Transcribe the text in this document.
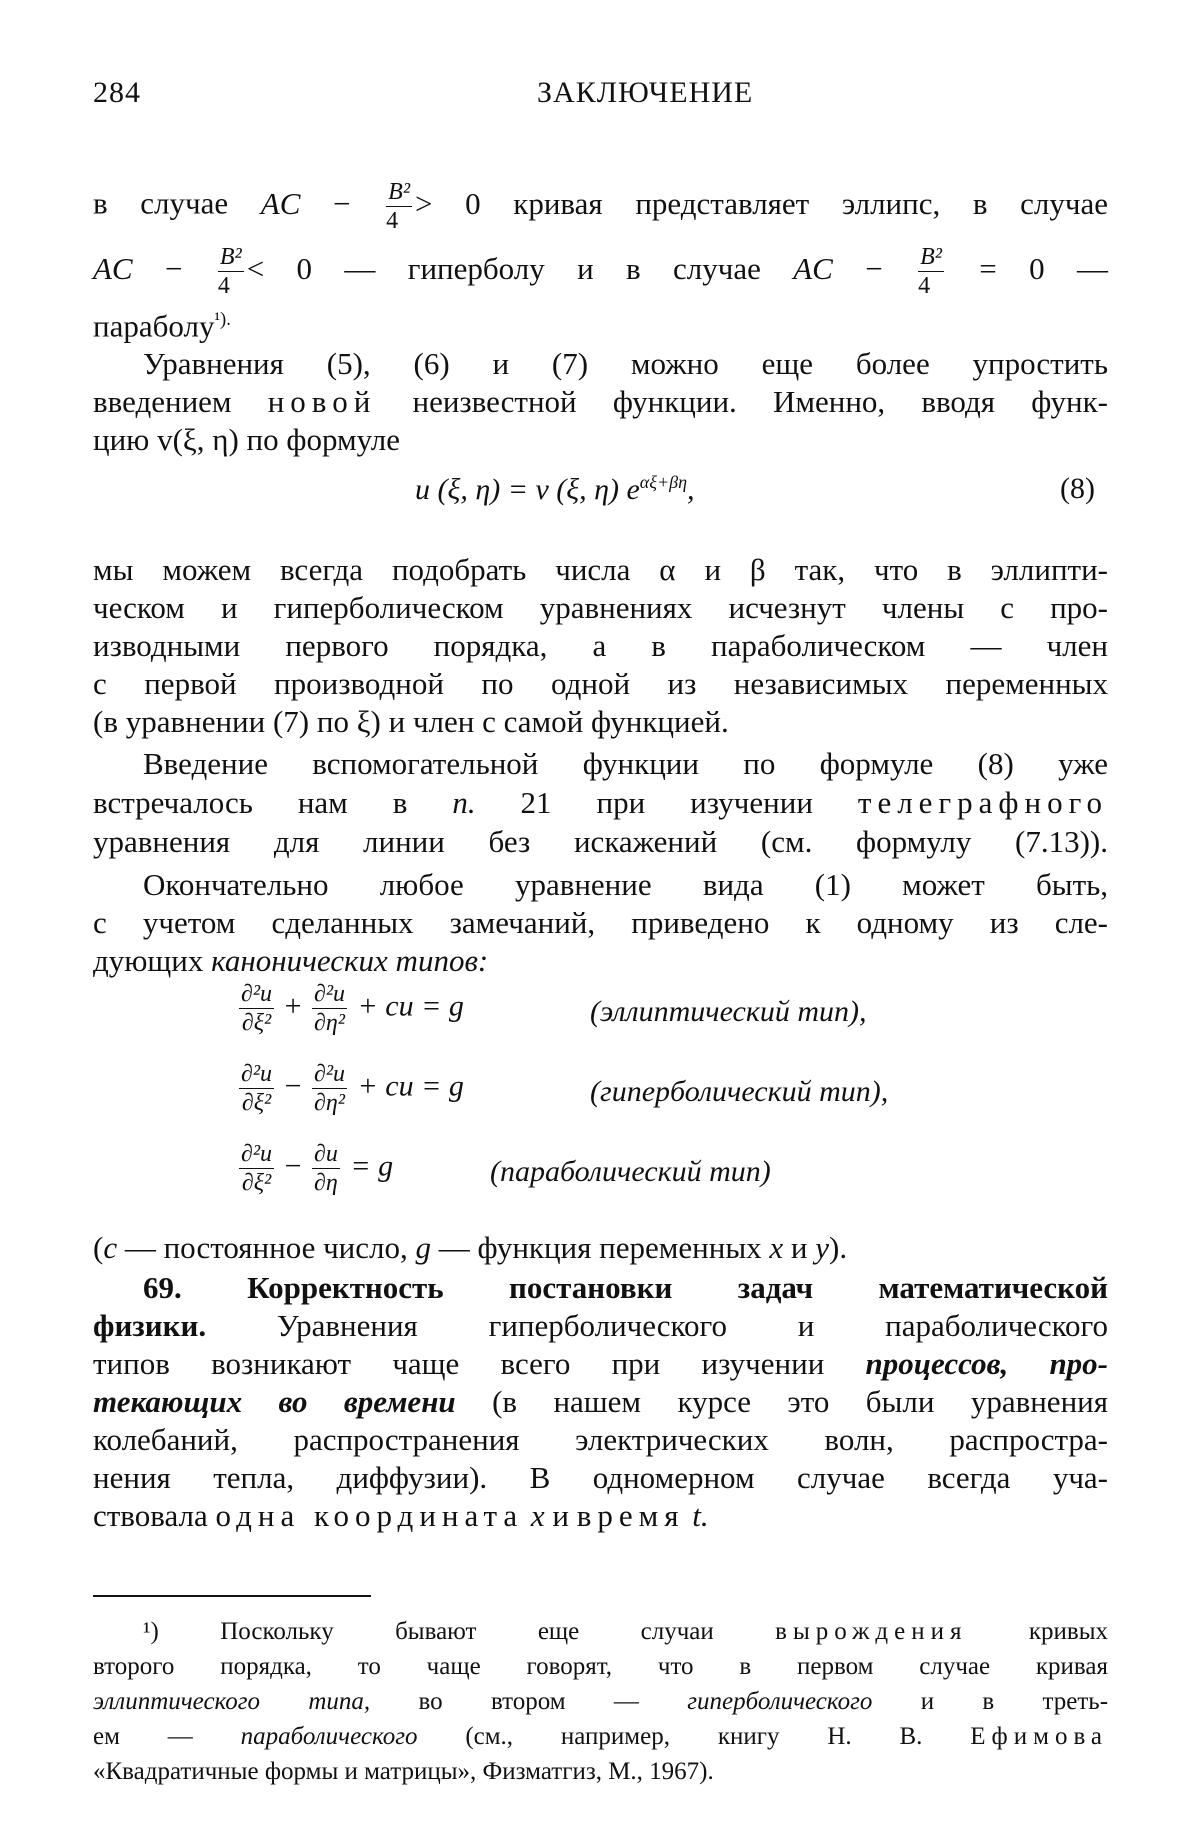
284	ЗАКЛЮЧЕНИЕ
в случае AC − $\frac{\text{B²}}{4} > 0$ кривая представляет эллипс, в случае
AC − $\frac{\text{B²}}{4} < 0$ — гиперболу и в случае AC − $\frac{\text{B²}}{4} = 0$ —
параболу$^{^1).}$
Уравнения (5), (6) и (7) можно еще более упростить
введением новой неизвестной функции. Именно, вводя функ-
цию v(ξ, η) по формуле
u (ξ, η) = v (ξ, η) $e^{\alpha\xi+\beta\eta}$,	(8)
мы можем всегда подобрать числа α и β так, что в эллипти-
ческом и гиперболическом уравнениях исчезнут члены с про-
изводными первого порядка, а в параболическом — член
с первой производной по одной из независимых переменных
(в уравнении (7) по ξ) и член с самой функцией.
Введение вспомогательной функции по формуле (8) уже
встречалось нам в п. 21 при изучении телеграфного
уравнения для линии без искажений (см. формулу (7.13)).
Окончательно любое уравнение вида (1) может быть,
с учетом сделанных замечаний, приведено к одному из сле-
дующих канонических типов:
$\frac{\text{∂²u}}{\text{∂ξ²}} + \frac{\text{∂²u}}{\text{∂η²}}$ + cu = g	(эллиптический тип),
$\frac{\text{∂²u}}{\text{∂ξ²}} - \frac{\text{∂²u}}{\text{∂η²}}$ + cu = g	(гиперболический тип),
$\frac{\text{∂²u}}{\text{∂ξ²}} - \frac{\partial u}{\partial\eta} = g$	(параболический тип)
(c — постоянное число, g — функция переменных x и y).
69. Корректность постановки задач математической
физики. Уравнения гиперболического и параболического
типов возникают чаще всего при изучении процессов, про-
текающих во времени (в нашем курсе это были уравнения
колебаний, распространения электрических волн, распростра-
нения тепла, диффузии). В одномерном случае всегда уча-
ствовала одна координата x и время t.
¹) Поскольку бывают еще случаи вырождения кривых
второго порядка, то чаще говорят, что в первом случае кривая
эллиптического типа, во втором — гиперболического и в треть-
ем — параболического (см., например, книгу Н. В. Ефимова
«Квадратичные формы и матрицы», Физматгиз, М., 1967).
